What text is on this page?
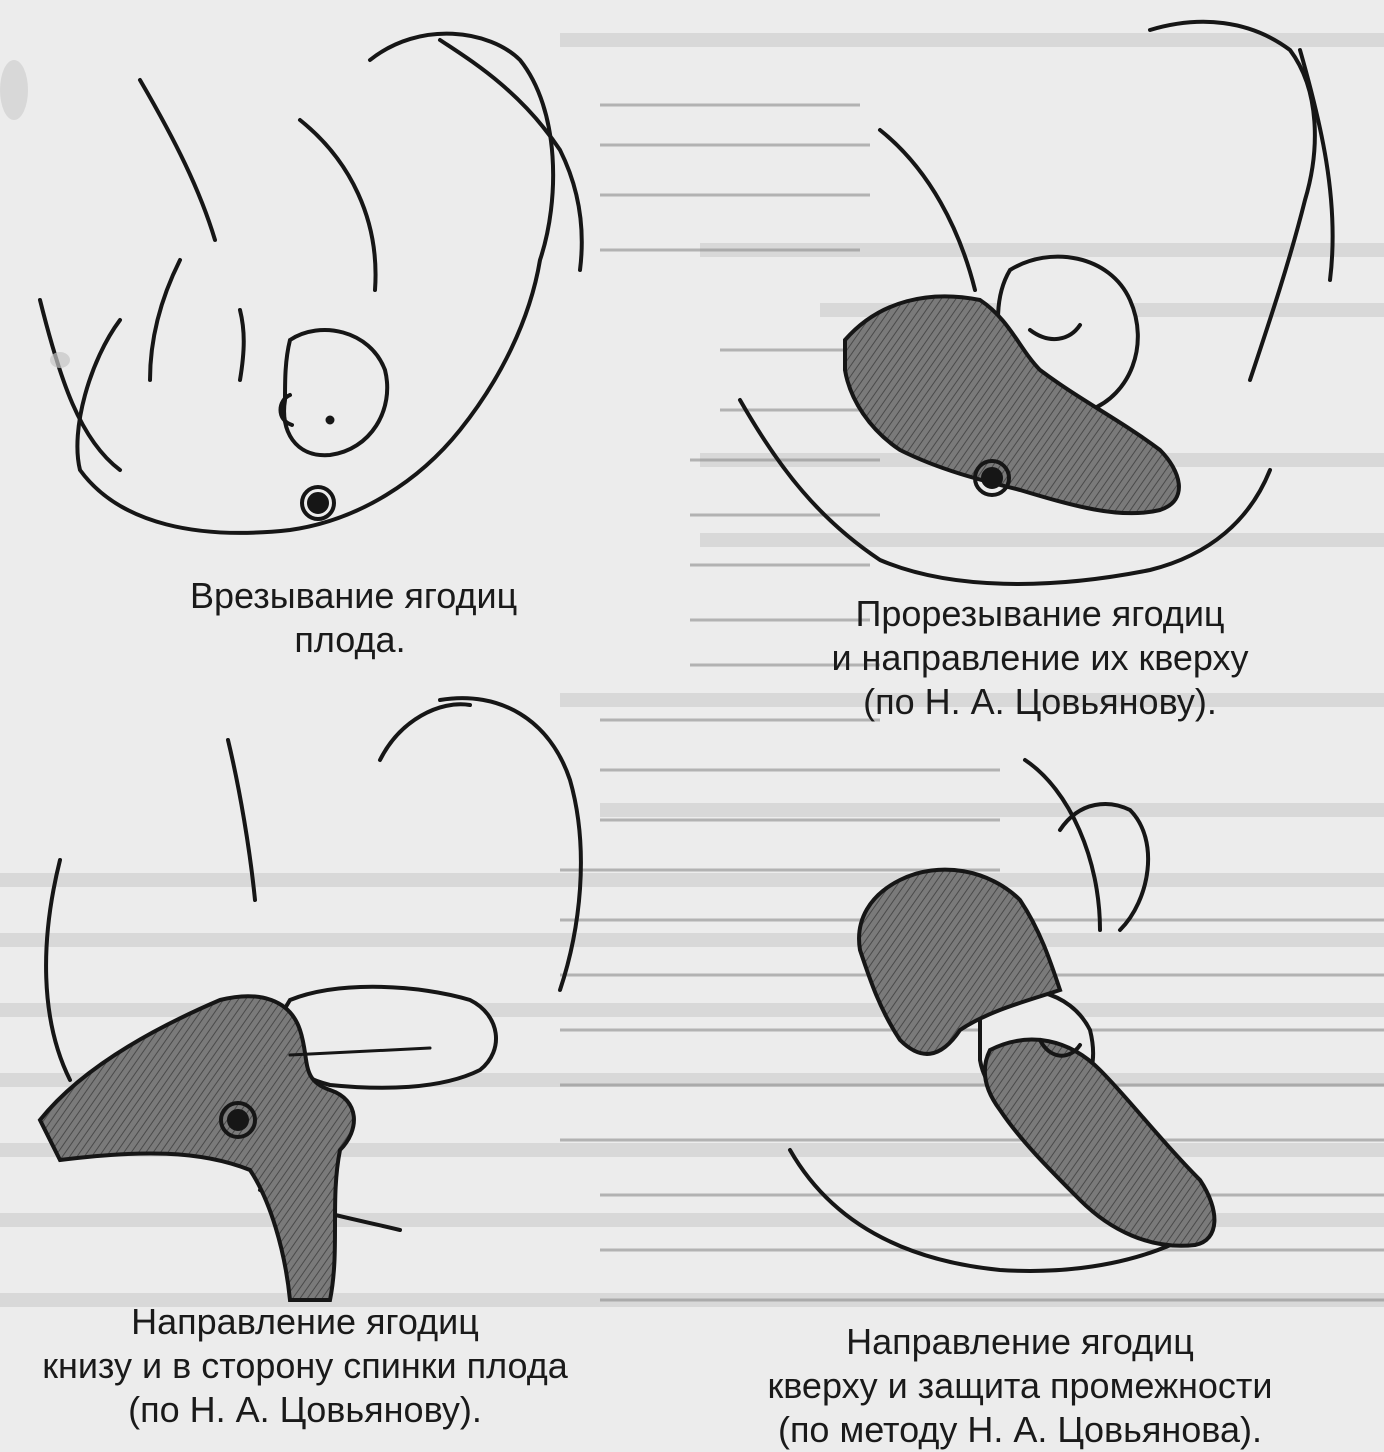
Врезывание ягодиц
плода.
Прорезывание ягодиц
и направление их кверху
(по Н. А. Цовьянову).
Направление ягодиц
книзу и в сторону спинки плода
(по Н. А. Цовьянову).
Направление ягодиц
кверху и защита промежности
(по методу Н. А. Цовьянова).
